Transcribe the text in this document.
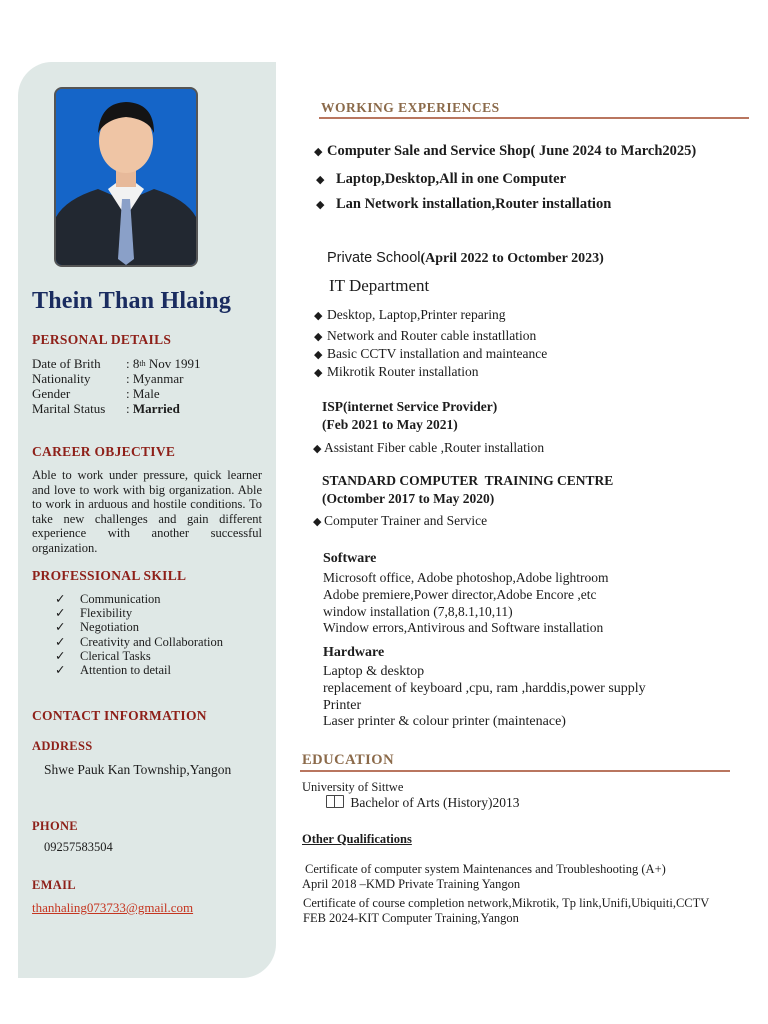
Thein Than Hlaing
PERSONAL DETAILS
Date of Brith	: 8 th Nov 1991
Nationality	: Myanmar
Gender	: Male
Marital Status	: Married
CAREER OBJECTIVE
Able to work under pressure, quick learner and love to work with big organization. Able to work in arduous and hostile conditions. To take new challenges and gain different experience with another successful organization.
PROFESSIONAL SKILL
✓	Communication
✓	Flexibility
✓	Negotiation
✓	Creativity and Collaboration
✓	Clerical Tasks
✓	Attention to detail
CONTACT INFORMATION
ADDRESS
Shwe Pauk Kan Township,Yangon
PHONE
09257583504
EMAIL
thanhaling073733@gmail.com
WORKING EXPERIENCES
◆ Computer Sale and Service Shop( June 2024 to March2025)
◆ Laptop,Desktop,All in one Computer
◆ Lan Network installation,Router installation
Private School(April 2022 to Octomber 2023)
IT Department
◆ Desktop, Laptop,Printer reparing
◆ Network and Router cable instatllation
◆ Basic CCTV installation and mainteance
◆ Mikrotik Router installation
ISP(internet Service Provider)
(Feb 2021 to May 2021)
◆ Assistant Fiber cable ,Router installation
STANDARD COMPUTER  TRAINING CENTRE
(Octomber 2017 to May 2020)
◆ Computer Trainer and Service
Software
Microsoft office, Adobe photoshop,Adobe lightroom
Adobe premiere,Power director,Adobe Encore ,etc
window installation (7,8,8.1,10,11)
Window errors,Antivirous and Software installation
Hardware
Laptop & desktop
replacement of keyboard ,cpu, ram ,harddis,power supply
Printer
Laser printer & colour printer (maintenace)
EDUCATION
University of Sittwe
Bachelor of Arts (History)2013
Other Qualifications
Certificate of computer system Maintenances and Troubleshooting (A+)
April 2018 –KMD Private Training Yangon
Certificate of course completion network,Mikrotik, Tp link,Unifi,Ubiquiti,CCTV
FEB 2024-KIT Computer Training,Yangon
